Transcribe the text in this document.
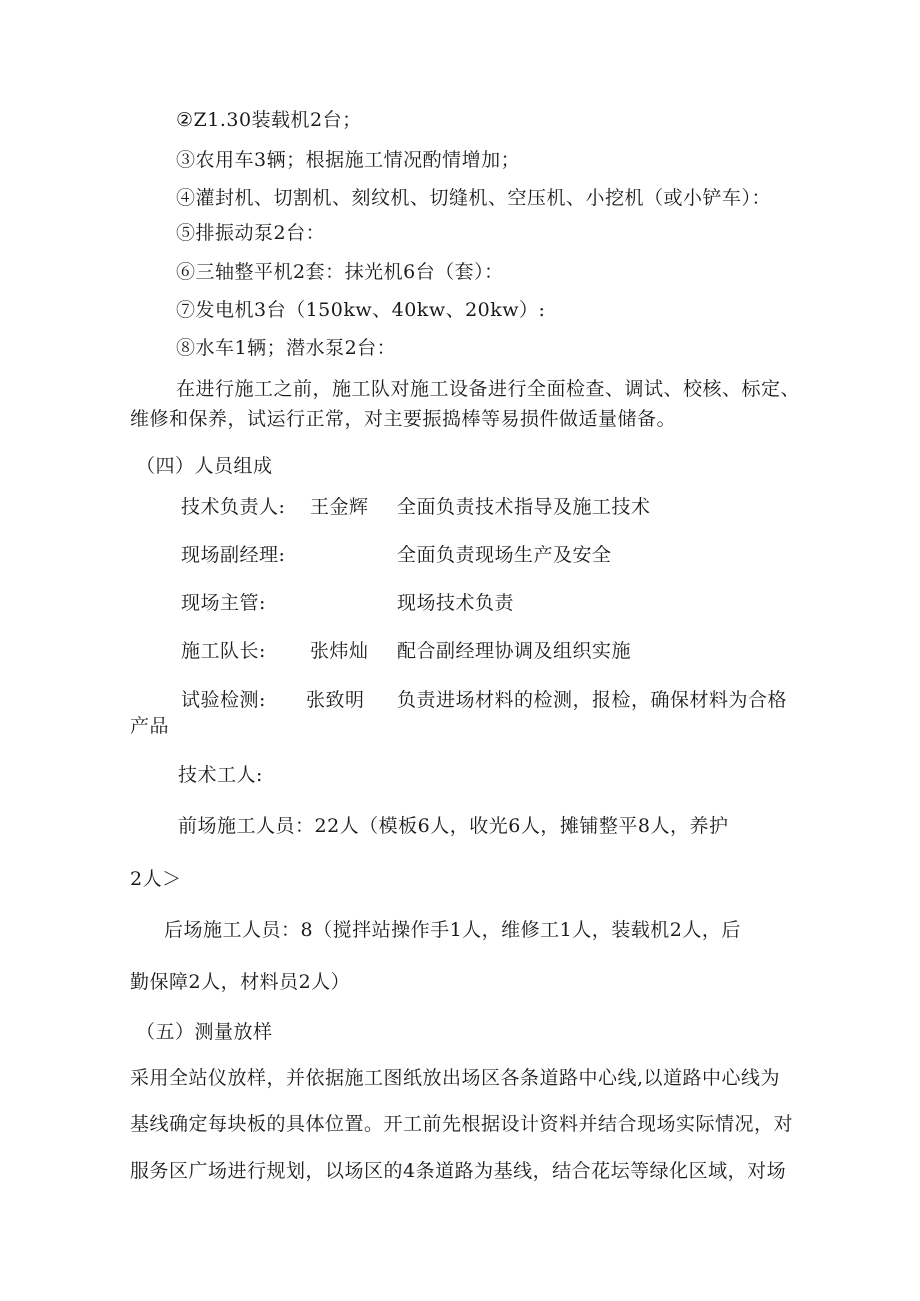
②Z1.30装载机2台；
③农用车3辆；根据施工情况酌情增加；
④灌封机、切割机、刻纹机、切缝机、空压机、小挖机（或小铲车）：
⑤排振动泵2台：
⑥三轴整平机2套：抹光机6台（套）：
⑦发电机3台（150kw、40kw、20kw）:
⑧水车1辆；潜水泵2台：
在进行施工之前，施工队对施工设备进行全面检查、调试、校核、标定、
维修和保养，试运行正常，对主要振捣棒等易损件做适量储备。
（四）人员组成
技术负责人: 王金辉 全面负责技术指导及施工技术
现场副经理:	全面负责现场生产及安全
现场主管:	现场技术负责
施工队长: 张炜灿 配合副经理协调及组织实施
试验检测: 张致明 负责进场材料的检测，报检，确保材料为合格
产品
技术工人:
前场施工人员：22人（模板6人，收光6人，摊铺整平8人，养护
2人＞
后场施工人员：8（搅拌站操作手1人，维修工1人，装载机2人，后
勤保障2人，材料员2人）
（五）测量放样
采用全站仪放样，并依据施工图纸放出场区各条道路中心线,以道路中心线为
基线确定每块板的具体位置。开工前先根据设计资料并结合现场实际情况，对
服务区广场进行规划，以场区的4条道路为基线，结合花坛等绿化区域，对场
